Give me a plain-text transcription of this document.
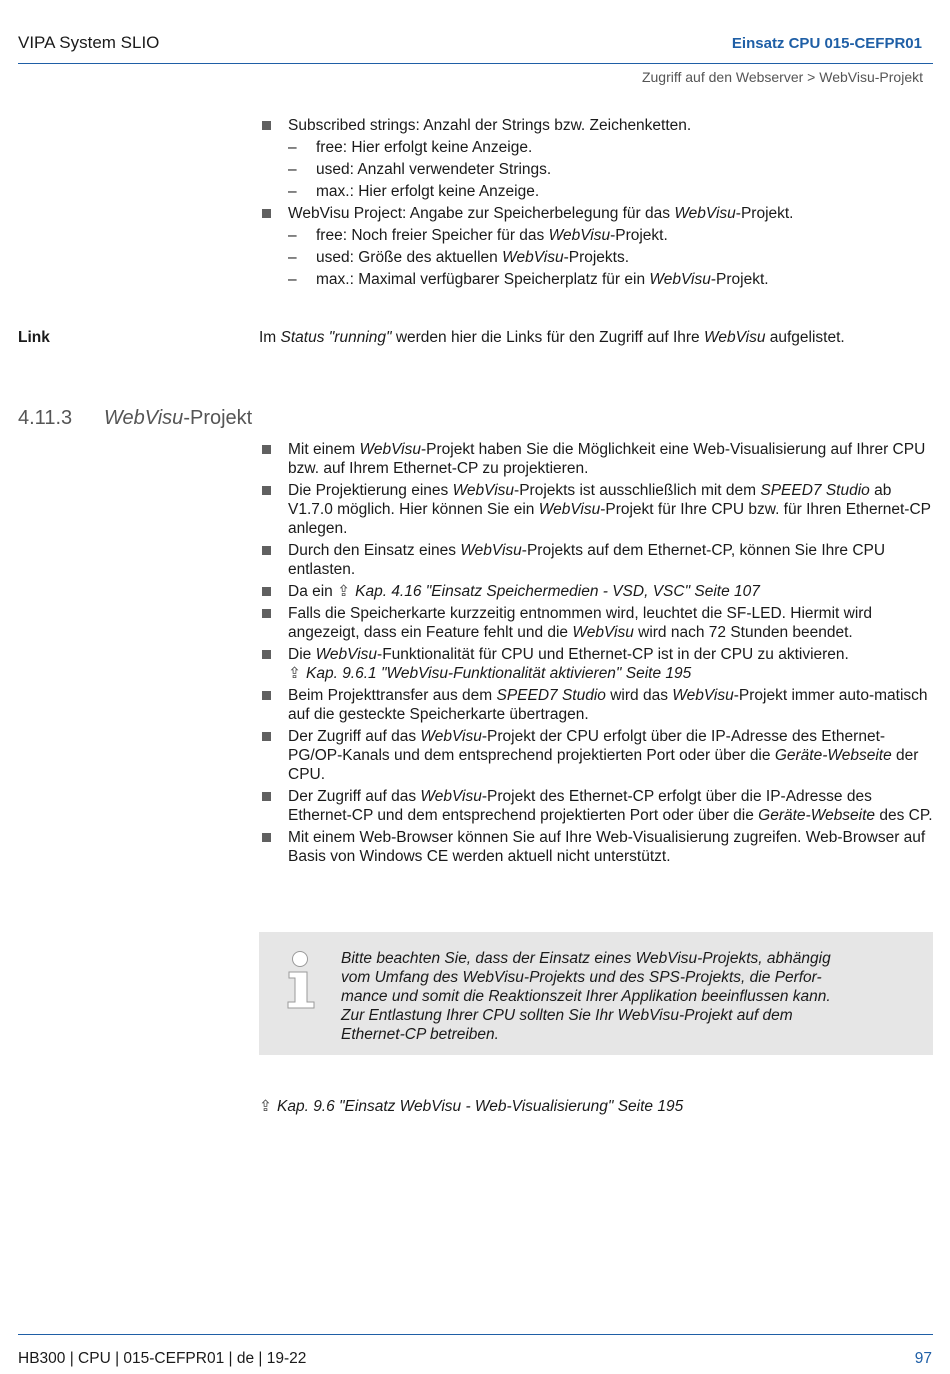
VIPA System SLIO	Einsatz CPU 015-CEFPR01
Zugriff auf den Webserver > WebVisu-Projekt
Subscribed strings: Anzahl der Strings bzw. Zeichenketten.
– free: Hier erfolgt keine Anzeige.
– used: Anzahl verwendeter Strings.
– max.: Hier erfolgt keine Anzeige.
WebVisu Project: Angabe zur Speicherbelegung für das WebVisu-Projekt.
– free: Noch freier Speicher für das WebVisu-Projekt.
– used: Größe des aktuellen WebVisu-Projekts.
– max.: Maximal verfügbarer Speicherplatz für ein WebVisu-Projekt.
Link	Im Status "running" werden hier die Links für den Zugriff auf Ihre WebVisu aufgelistet.
4.11.3 WebVisu-Projekt
Mit einem WebVisu-Projekt haben Sie die Möglichkeit eine Web-Visualisierung auf Ihrer CPU bzw. auf Ihrem Ethernet-CP zu projektieren.
Die Projektierung eines WebVisu-Projekts ist ausschließlich mit dem SPEED7 Studio ab V1.7.0 möglich. Hier können Sie ein WebVisu-Projekt für Ihre CPU bzw. für Ihren Ethernet-CP anlegen.
Durch den Einsatz eines WebVisu-Projekts auf dem Ethernet-CP, können Sie Ihre CPU entlasten.
Da ein ⇪ Kap. 4.16 "Einsatz Speichermedien - VSD, VSC" Seite 107
Falls die Speicherkarte kurzzeitig entnommen wird, leuchtet die SF-LED. Hiermit wird angezeigt, dass ein Feature fehlt und die WebVisu wird nach 72 Stunden beendet.
Die WebVisu-Funktionalität für CPU und Ethernet-CP ist in der CPU zu aktivieren.
⇪ Kap. 9.6.1 "WebVisu-Funktionalität aktivieren" Seite 195
Beim Projekttransfer aus dem SPEED7 Studio wird das WebVisu-Projekt immer auto-matisch auf die gesteckte Speicherkarte übertragen.
Der Zugriff auf das WebVisu-Projekt der CPU erfolgt über die IP-Adresse des Ethernet-PG/OP-Kanals und dem entsprechend projektierten Port oder über die Geräte-Webseite der CPU.
Der Zugriff auf das WebVisu-Projekt des Ethernet-CP erfolgt über die IP-Adresse des Ethernet-CP und dem entsprechend projektierten Port oder über die Geräte-Webseite des CP.
Mit einem Web-Browser können Sie auf Ihre Web-Visualisierung zugreifen. Web-Browser auf Basis von Windows CE werden aktuell nicht unterstützt.
Bitte beachten Sie, dass der Einsatz eines WebVisu-Projekts, abhängig
vom Umfang des WebVisu-Projekts und des SPS-Projekts, die Perfor-
mance und somit die Reaktionszeit Ihrer Applikation beeinflussen kann.
Zur Entlastung Ihrer CPU sollten Sie Ihr WebVisu-Projekt auf dem
Ethernet-CP betreiben.
⇪ Kap. 9.6 "Einsatz WebVisu - Web-Visualisierung" Seite 195
HB300 | CPU | 015-CEFPR01 | de | 19-22	97
